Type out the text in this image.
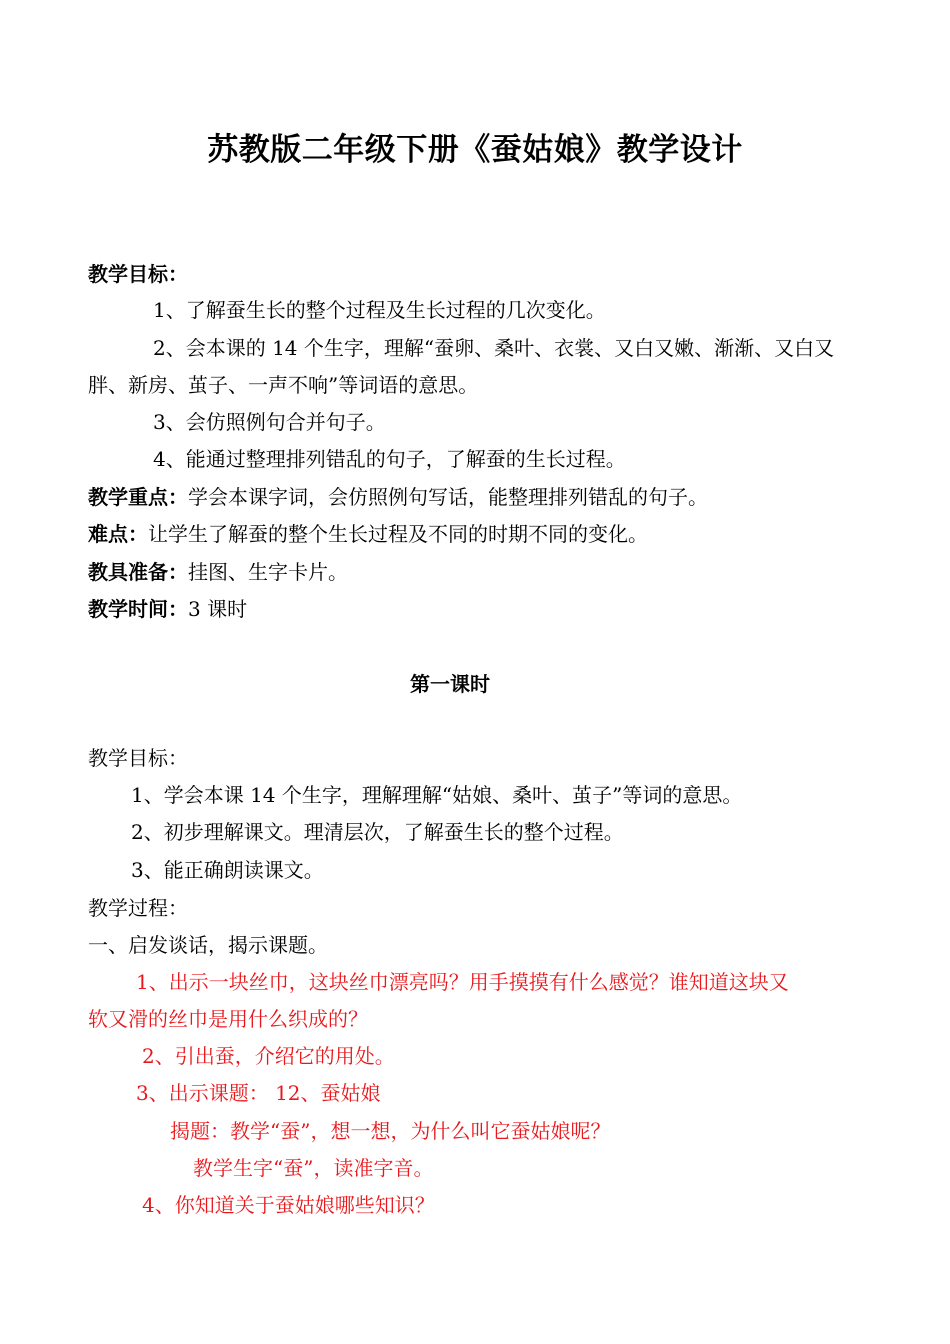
苏教版二年级下册《蚕姑娘》教学设计
教学目标：
1、了解蚕生长的整个过程及生长过程的几次变化。
2、会本课的 14 个生字，理解“蚕卵、桑叶、衣裳、又白又嫩、渐渐、又白又
胖、新房、茧子、一声不响”等词语的意思。
3、会仿照例句合并句子。
4、能通过整理排列错乱的句子，了解蚕的生长过程。
教学重点：学会本课字词，会仿照例句写话，能整理排列错乱的句子。
难点：让学生了解蚕的整个生长过程及不同的时期不同的变化。
教具准备：挂图、生字卡片。
教学时间：3 课时
第一课时
教学目标：
1、学会本课 14 个生字，理解理解“姑娘、桑叶、茧子”等词的意思。
2、初步理解课文。理清层次，了解蚕生长的整个过程。
3、能正确朗读课文。
教学过程：
一、启发谈话，揭示课题。
1、出示一块丝巾，这块丝巾漂亮吗？用手摸摸有什么感觉？谁知道这块又
软又滑的丝巾是用什么织成的？
2、引出蚕，介绍它的用处。
3、出示课题： 12、蚕姑娘
揭题：教学“蚕”，想一想，为什么叫它蚕姑娘呢？
教学生字“蚕”，读准字音。
4、你知道关于蚕姑娘哪些知识？
